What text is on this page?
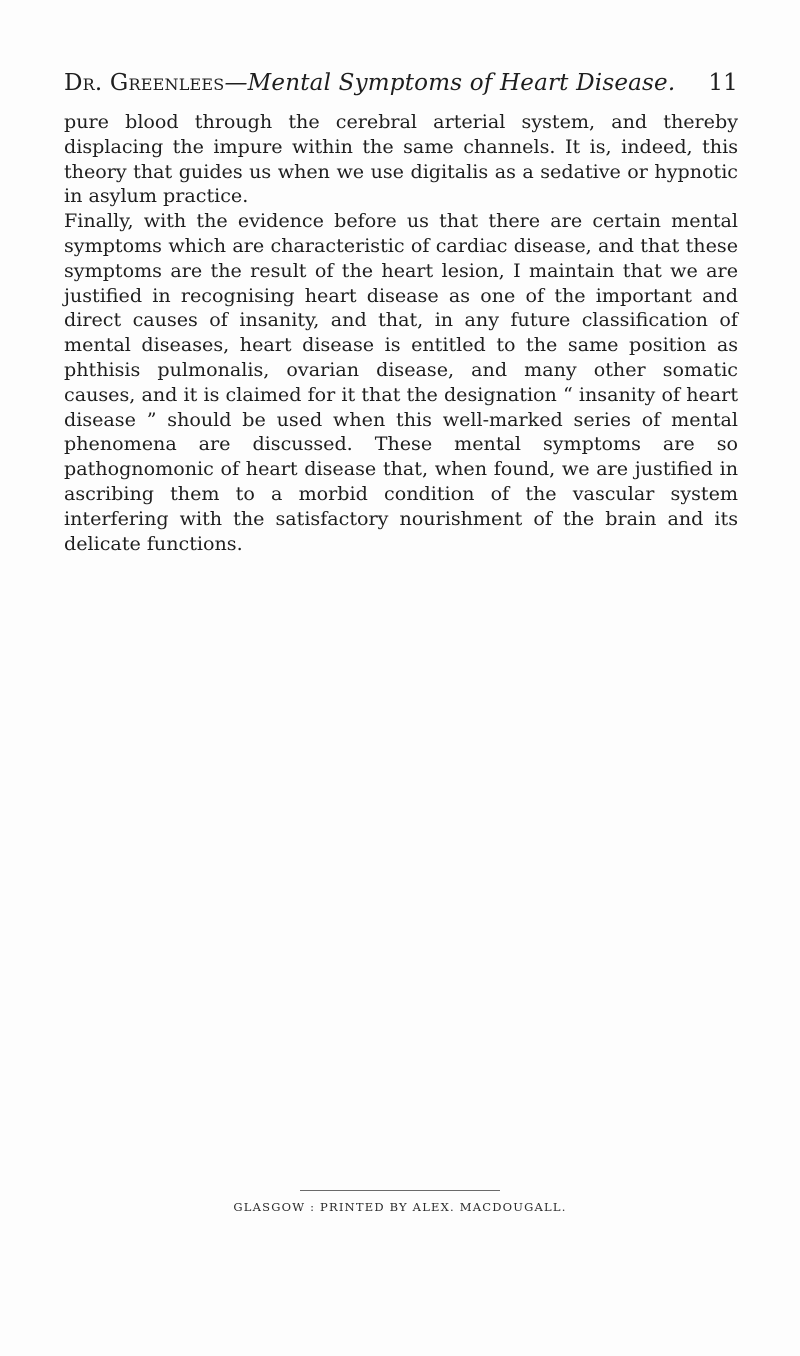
Dr. Greenlees—Mental Symptoms of Heart Disease. 11

pure blood through the cerebral arterial system, and thereby displacing the impure within the same channels. It is, indeed, this theory that guides us when we use digitalis as a sedative or hypnotic in asylum practice.

Finally, with the evidence before us that there are certain mental symptoms which are characteristic of cardiac disease, and that these symptoms are the result of the heart lesion, I maintain that we are justified in recognising heart disease as one of the important and direct causes of insanity, and that, in any future classification of mental diseases, heart disease is entitled to the same position as phthisis pulmonalis, ovarian disease, and many other somatic causes, and it is claimed for it that the designation “ insanity of heart disease ” should be used when this well-marked series of mental phenomena are discussed. These mental symptoms are so pathognomonic of heart disease that, when found, we are justified in ascribing them to a morbid condition of the vascular system interfering with the satisfactory nourishment of the brain and its delicate functions.

GLASGOW : PRINTED BY ALEX. MACDOUGALL.
